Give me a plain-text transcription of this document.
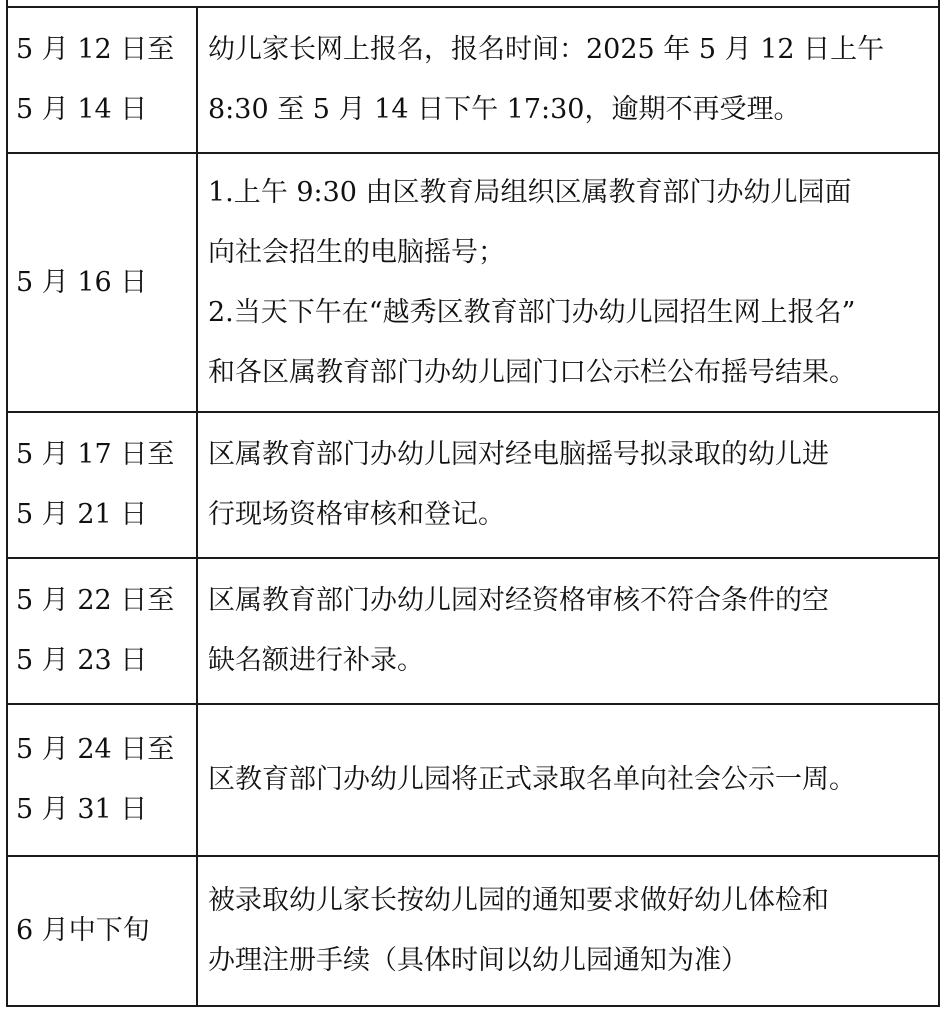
5 月 12 日至
5 月 14 日	幼儿家长网上报名，报名时间：2025 年 5 月 12 日上午
8:30 至 5 月 14 日下午 17:30，逾期不再受理。

5 月 16 日	1.上午 9:30 由区教育局组织区属教育部门办幼儿园面
向社会招生的电脑摇号；
2.当天下午在“越秀区教育部门办幼儿园招生网上报名”
和各区属教育部门办幼儿园门口公示栏公布摇号结果。

5 月 17 日至
5 月 21 日	区属教育部门办幼儿园对经电脑摇号拟录取的幼儿进
行现场资格审核和登记。

5 月 22 日至
5 月 23 日	区属教育部门办幼儿园对经资格审核不符合条件的空
缺名额进行补录。

5 月 24 日至
5 月 31 日	区教育部门办幼儿园将正式录取名单向社会公示一周。

6 月中下旬	被录取幼儿家长按幼儿园的通知要求做好幼儿体检和
办理注册手续（具体时间以幼儿园通知为准）
